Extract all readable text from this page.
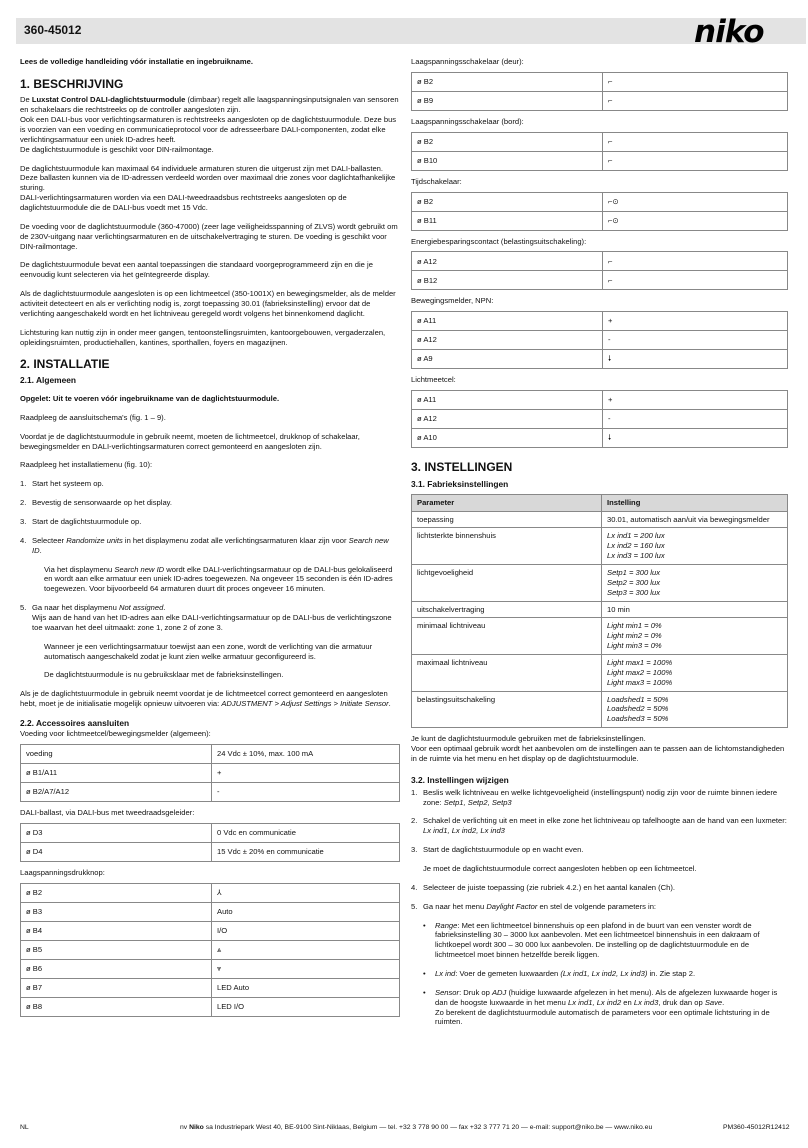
360-45012	niko

Lees de volledige handleiding vóór installatie en ingebruikname.

1. BESCHRIJVING

De Luxstat Control DALI-daglichtstuurmodule (dimbaar) regelt alle laagspanningsinputsignalen van sensoren en schakelaars die rechtstreeks op de controller aangesloten zijn.

Ook een DALI-bus voor verlichtingsarmaturen is rechtstreeks aangesloten op de daglichtstuurmodule. Deze bus is voorzien van een voeding en communicatieprotocol voor de adresseerbare DALI-componenten, zodat elke verlichtingsarmatuur een uniek ID-adres heeft.

De daglichtstuurmodule is geschikt voor DIN-railmontage.

De daglichtstuurmodule kan maximaal 64 individuele armaturen sturen die uitgerust zijn met DALI-ballasten. Deze ballasten kunnen via de ID-adressen verdeeld worden over maximaal drie zones voor daglichtafhankelijke sturing.

DALI-verlichtingsarmaturen worden via een DALI-tweedraadsbus rechtstreeks aangesloten op de daglichtstuurmodule die de DALI-bus voedt met 15 Vdc.

De voeding voor de daglichtstuurmodule (360-47000) (zeer lage veiligheidsspanning of ZLVS) wordt gebruikt om de 230V-uitgang naar verlichtingsarmaturen en de uitschakelvertraging te sturen. De voeding is geschikt voor DIN-railmontage.

De daglichtstuurmodule bevat een aantal toepassingen die standaard voorgeprogrammeerd zijn en die je eenvoudig kunt selecteren via het geïntegreerde display.

Als de daglichtstuurmodule aangesloten is op een lichtmeetcel (350-1001X) en bewegingsmelder, als de melder activiteit detecteert en als er verlichting nodig is, zorgt toepassing 30.01 (fabrieksinstelling) ervoor dat de verlichting aangeschakeld wordt en het lichtniveau geregeld wordt volgens het binnenkomend daglicht.

Lichtsturing kan nuttig zijn in onder meer gangen, tentoonstellingsruimten, kantoorgebouwen, vergaderzalen, opleidingsruimten, productiehallen, kantines, sporthallen, foyers en magazijnen.

2. INSTALLATIE
2.1. Algemeen

Opgelet: Uit te voeren vóór ingebruikname van de daglichtstuurmodule.

Raadpleeg de aansluitschema's (fig. 1 – 9).

Voordat je de daglichtstuurmodule in gebruik neemt, moeten de lichtmeetcel, drukknop of schakelaar, bewegingsmelder en DALI-verlichtingsarmaturen correct gemonteerd en aangesloten zijn.

Raadpleeg het installatiemenu (fig. 10):

1. Start het systeem op.
2. Bevestig de sensorwaarde op het display.
3. Start de daglichtstuurmodule op.
4. Selecteer Randomize units in het displaymenu zodat alle verlichtingsarmaturen klaar zijn voor Search new ID.

Via het displaymenu Search new ID wordt elke DALI-verlichtingsarmatuur op de DALI-bus gelokaliseerd en wordt aan elke armatuur een uniek ID-adres toegewezen. Na ongeveer 15 seconden is één ID-adres toegewezen. Voor bijvoorbeeld 64 armaturen duurt dit proces ongeveer 16 minuten.

5. Ga naar het displaymenu Not assigned.
Wijs aan de hand van het ID-adres aan elke DALI-verlichtingsarmatuur op de DALI-bus de verlichtingszone toe waarvan het deel uitmaakt: zone 1, zone 2 of zone 3.

Wanneer je een verlichtingsarmatuur toewijst aan een zone, wordt de verlichting van die armatuur automatisch aangeschakeld zodat je kunt zien welke armatuur geconfigureerd is.

De daglichtstuurmodule is nu gebruiksklaar met de fabrieksinstellingen.

Als je de daglichtstuurmodule in gebruik neemt voordat je de lichtmeetcel correct gemonteerd en aangesloten hebt, moet je de initialisatie mogelijk opnieuw uitvoeren via: ADJUSTMENT > Adjust Settings > Initiate Sensor.

2.2. Accessoires aansluiten
Voeding voor lichtmeetcel/bewegingsmelder (algemeen):
voeding	24 Vdc ± 10%, max. 100 mA
ø B1/A11	+
ø B2/A7/A12	-
DALI-ballast, via DALI-bus met tweedraadsgeleider:
ø D3	0 Vdc en communicatie
ø D4	15 Vdc ± 20% en communicatie
Laagspanningsdrukknop:
ø B2	⅄
ø B3	Auto
ø B4	I/O
ø B5	⩓
ø B6	⩔
ø B7	LED Auto
ø B8	LED I/O
Laagspanningsschakelaar (deur):
ø B2	⌐
ø B9	⌐
Laagspanningsschakelaar (bord):
ø B2	⌐
ø B10	⌐
Tijdschakelaar:
ø B2	⌐⊙
ø B11	⌐⊙
Energiebesparingscontact (belastingsuitschakeling):
ø A12	⌐
ø B12	⌐
Bewegingsmelder, NPN:
ø A11	+
ø A12	-
ø A9	🠗
Lichtmeetcel:
ø A11	+
ø A12	-
ø A10	🠗
3. INSTELLINGEN
3.1. Fabrieksinstellingen
Parameter	Instelling
toepassing	30.01, automatisch aan/uit via bewegingsmelder

lichtsterkte binnenshuis	Lx ind1 = 200 lux
Lx ind2 = 160 lux
Lx ind3 = 100 lux

lichtgevoeligheid	Setp1 = 300 lux
Setp2 = 300 lux
Setp3 = 300 lux

uitschakelvertraging	10 min

minimaal lichtniveau	Light min1 = 0%
Light min2 = 0%
Light min3 = 0%

maximaal lichtniveau	Light max1 = 100%
Light max2 = 100%
Light max3 = 100%

belastingsuitschakeling	Loadshed1 = 50%
Loadshed2 = 50%
Loadshed3 = 50%

Je kunt de daglichtstuurmodule gebruiken met de fabrieksinstellingen.

Voor een optimaal gebruik wordt het aanbevolen om de instellingen aan te passen aan de lichtomstandigheden in de ruimte via het menu en het display op de daglichtstuurmodule.

3.2. Instellingen wijzigen
1. Beslis welk lichtniveau en welke lichtgevoeligheid (instellingspunt) nodig zijn voor de ruimte binnen iedere zone: Setp1, Setp2, Setp3
2. Schakel de verlichting uit en meet in elke zone het lichtniveau op tafelhoogte aan de hand van een luxmeter: Lx ind1, Lx ind2, Lx ind3
3. Start de daglichtstuurmodule op en wacht even.

Je moet de daglichtstuurmodule correct aangesloten hebben op een lichtmeetcel.

4. Selecteer de juiste toepassing (zie rubriek 4.2.) en het aantal kanalen (Ch).
5. Ga naar het menu Daylight Factor en stel de volgende parameters in:
• Range: Met een lichtmeetcel binnenshuis op een plafond in de buurt van een venster wordt de fabrieksinstelling 30 – 3000 lux aanbevolen. Met een lichtmeetcel binnenshuis in een dakraam of lichtkoepel wordt 300 – 30 000 lux aanbevolen. De instelling op de daglichtstuurmodule en de lichtmeetcel moet binnen hetzelfde bereik liggen.
• Lx ind: Voer de gemeten luxwaarden (Lx ind1, Lx ind2, Lx ind3) in. Zie stap 2.
• Sensor: Druk op ADJ (huidige luxwaarde afgelezen in het menu). Als de afgelezen luxwaarde hoger is dan de hoogste luxwaarde in het menu Lx ind1, Lx ind2 en Lx ind3, druk dan op Save.
Zo berekent de daglichtstuurmodule automatisch de parameters voor een optimale lichtsturing in de ruimten.
NL	nv Niko sa Industriepark West 40, BE-9100 Sint-Niklaas, Belgium — tel. +32 3 778 90 00 — fax +32 3 777 71 20 — e-mail: support@niko.be — www.niko.eu	PM360-45012R12412
